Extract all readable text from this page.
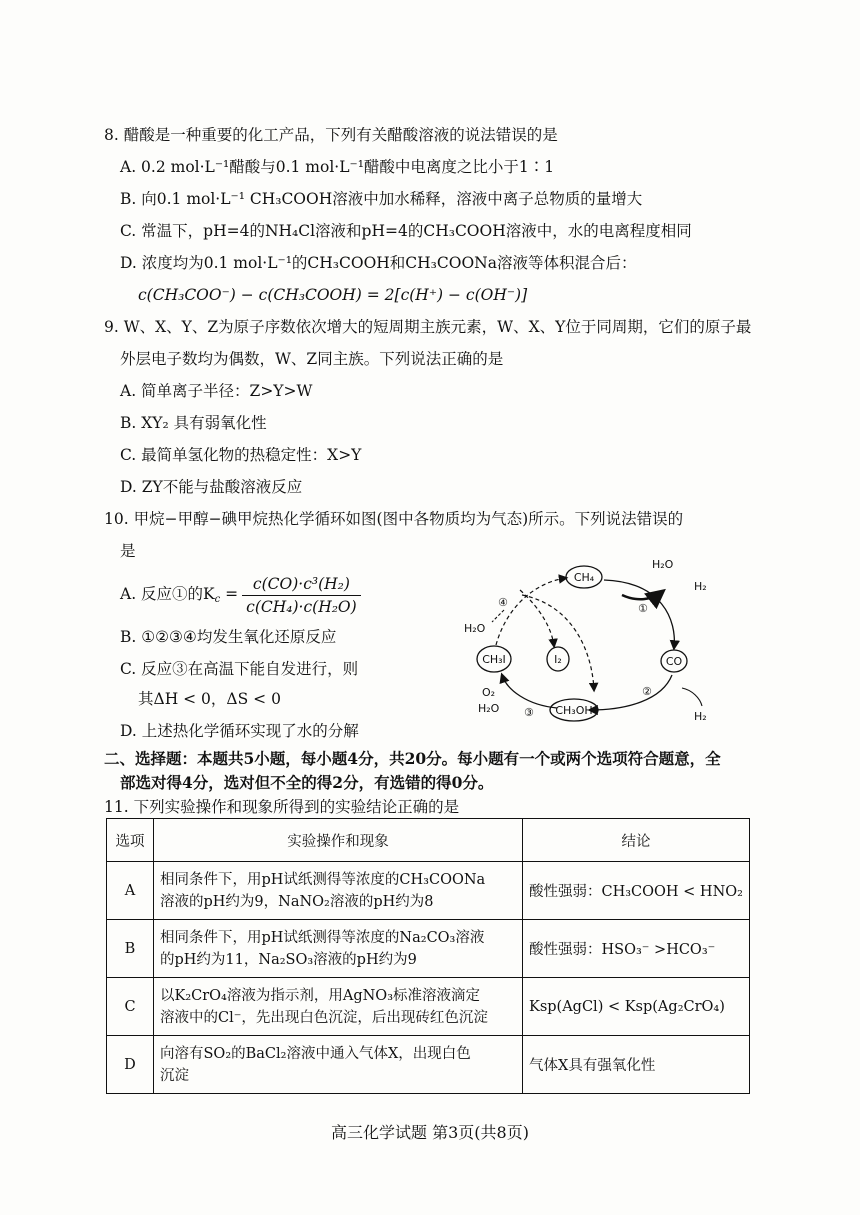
8. 醋酸是一种重要的化工产品，下列有关醋酸溶液的说法错误的是
A. 0.2 mol·L⁻¹醋酸与0.1 mol·L⁻¹醋酸中电离度之比小于1∶1
B. 向0.1 mol·L⁻¹ CH₃COOH溶液中加水稀释，溶液中离子总物质的量增大
C. 常温下，pH=4的NH₄Cl溶液和pH=4的CH₃COOH溶液中，水的电离程度相同
D. 浓度均为0.1 mol·L⁻¹的CH₃COOH和CH₃COONa溶液等体积混合后：
c(CH₃COO⁻) − c(CH₃COOH) = 2[c(H⁺) − c(OH⁻)]
9. W、X、Y、Z为原子序数依次增大的短周期主族元素，W、X、Y位于同周期，它们的原子最
外层电子数均为偶数，W、Z同主族。下列说法正确的是
A. 简单离子半径：Z>Y>W
B. XY₂ 具有弱氧化性
C. 最简单氢化物的热稳定性：X>Y
D. ZY不能与盐酸溶液反应
10. 甲烷−甲醇−碘甲烷热化学循环如图(图中各物质均为气态)所示。下列说法错误的
是
A. 反应①的$K_c = \frac{\text{c(CO)·c³(H₂)}}{\text{c(CH₄)·c(H₂O)}}$
B. ①②③④均发生氧化还原反应
C. 反应③在高温下能自发进行，则
其ΔH < 0，ΔS < 0
D. 上述热化学循环实现了水的分解
CH₄
CO
CH₃OH
CH₃I	I₂
H₂O
H₂
H₂
H₂O
O₂
H₂O
①
②
③
④
二、选择题：本题共5小题，每小题4分，共20分。每小题有一个或两个选项符合题意，全
部选对得4分，选对但不全的得2分，有选错的得0分。
11. 下列实验操作和现象所得到的实验结论正确的是
选项	实验操作和现象	结论
A	相同条件下，用pH试纸测得等浓度的CH₃COONa
溶液的pH约为9，NaNO₂溶液的pH约为8	酸性强弱：CH₃COOH < HNO₂
B	相同条件下，用pH试纸测得等浓度的Na₂CO₃溶液
的pH约为11，Na₂SO₃溶液的pH约为9	酸性强弱：HSO₃⁻ >HCO₃⁻
C	以K₂CrO₄溶液为指示剂，用AgNO₃标准溶液滴定
溶液中的Cl⁻，先出现白色沉淀，后出现砖红色沉淀	Ksp(AgCl) < Ksp(Ag₂CrO₄)
D	向溶有SO₂的BaCl₂溶液中通入气体X，出现白色
沉淀	气体X具有强氧化性
高三化学试题 第3页(共8页)
